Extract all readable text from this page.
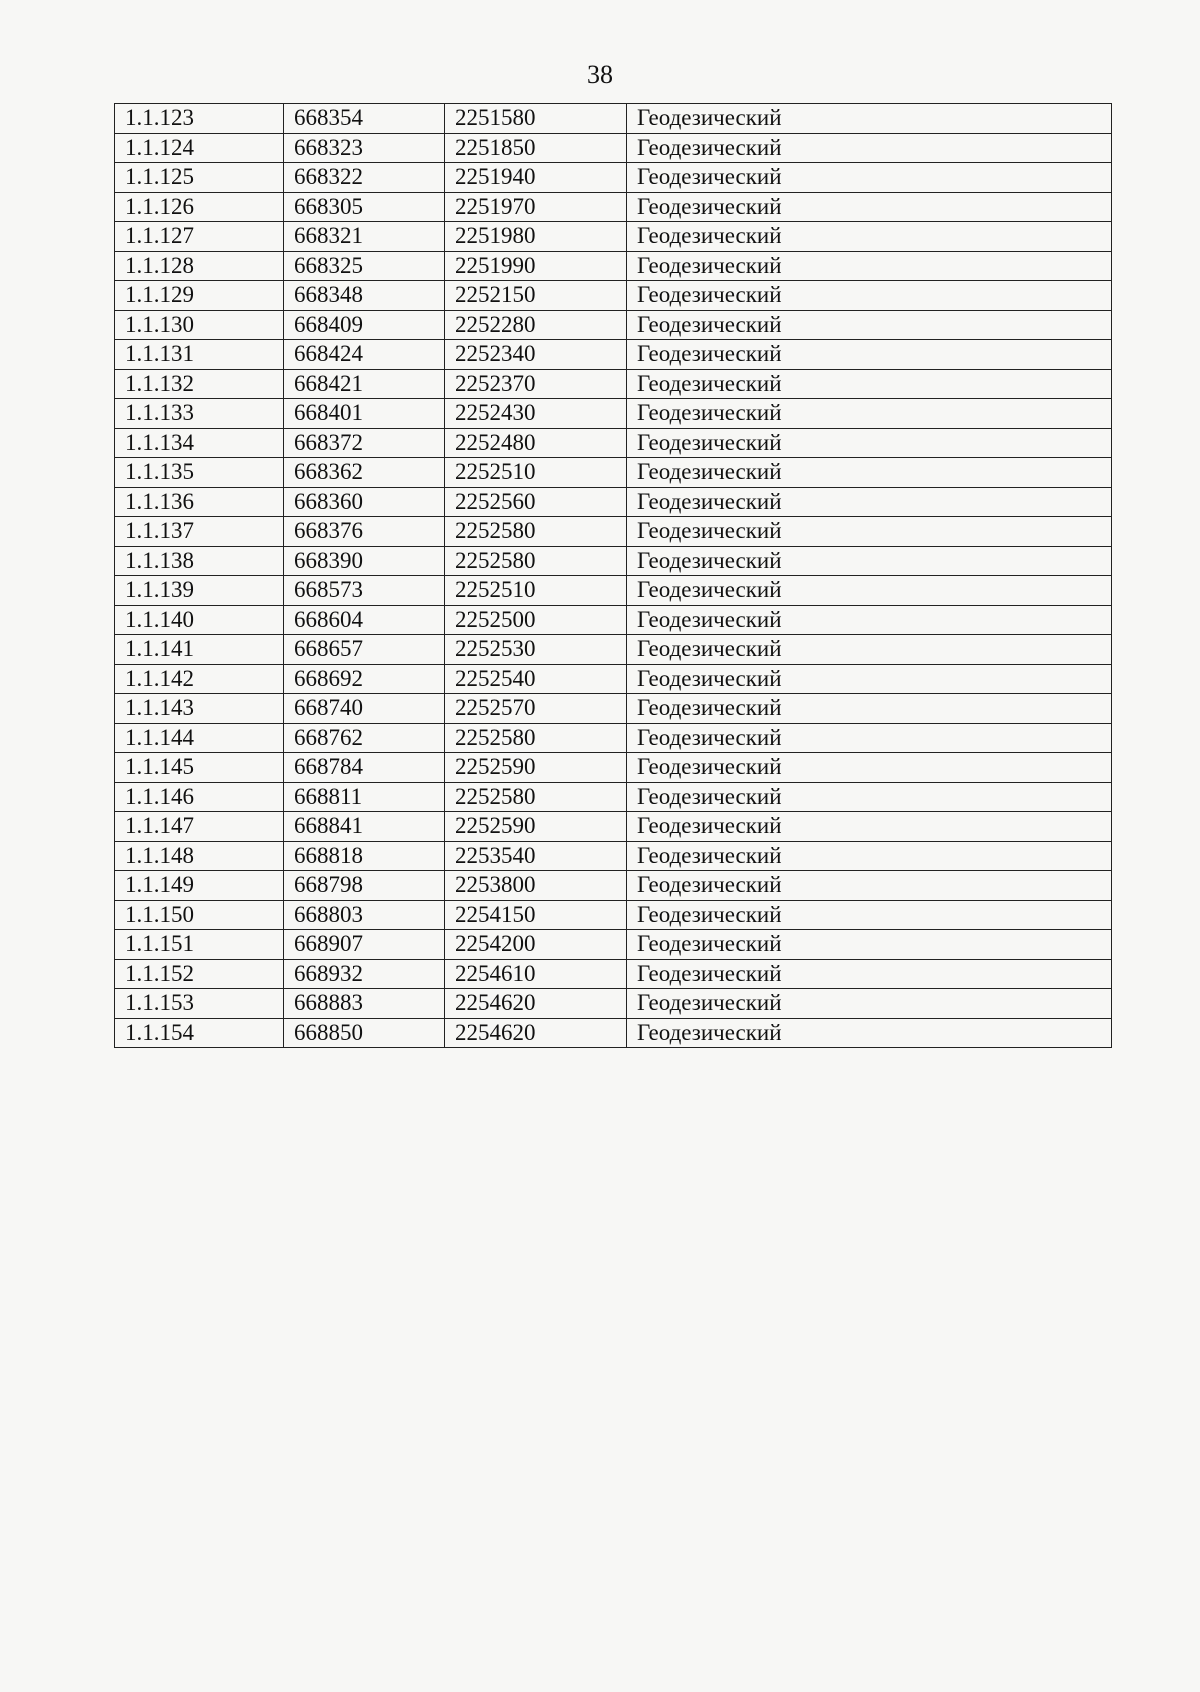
38
1.1.123	668354	2251580	Геодезический
1.1.124	668323	2251850	Геодезический
1.1.125	668322	2251940	Геодезический
1.1.126	668305	2251970	Геодезический
1.1.127	668321	2251980	Геодезический
1.1.128	668325	2251990	Геодезический
1.1.129	668348	2252150	Геодезический
1.1.130	668409	2252280	Геодезический
1.1.131	668424	2252340	Геодезический
1.1.132	668421	2252370	Геодезический
1.1.133	668401	2252430	Геодезический
1.1.134	668372	2252480	Геодезический
1.1.135	668362	2252510	Геодезический
1.1.136	668360	2252560	Геодезический
1.1.137	668376	2252580	Геодезический
1.1.138	668390	2252580	Геодезический
1.1.139	668573	2252510	Геодезический
1.1.140	668604	2252500	Геодезический
1.1.141	668657	2252530	Геодезический
1.1.142	668692	2252540	Геодезический
1.1.143	668740	2252570	Геодезический
1.1.144	668762	2252580	Геодезический
1.1.145	668784	2252590	Геодезический
1.1.146	668811	2252580	Геодезический
1.1.147	668841	2252590	Геодезический
1.1.148	668818	2253540	Геодезический
1.1.149	668798	2253800	Геодезический
1.1.150	668803	2254150	Геодезический
1.1.151	668907	2254200	Геодезический
1.1.152	668932	2254610	Геодезический
1.1.153	668883	2254620	Геодезический
1.1.154	668850	2254620	Геодезический
